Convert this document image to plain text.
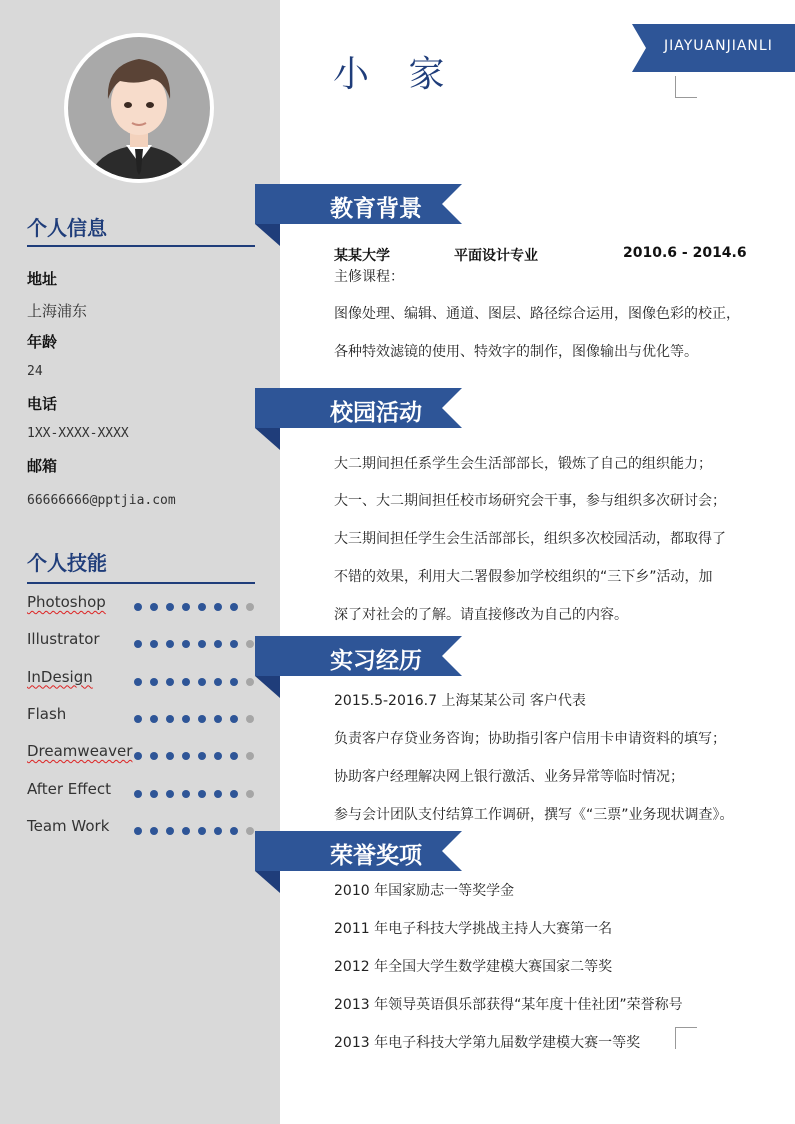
个人信息
地址
上海浦东
年龄
24
电话
1XX-XXXX-XXXX
邮箱
66666666@pptjia.com
个人技能
Photoshop
Illustrator
InDesign
Flash
Dreamweaver
After Effect
Team Work
小 家
JIAYUANJIANLI
教育背景
校园活动
实习经历
荣誉奖项
某某大学	平面设计专业	2010.6 - 2014.6
主修课程：
图像处理、编辑、通道、图层、路径综合运用，图像色彩的校正，
各种特效滤镜的使用、特效字的制作，图像输出与优化等。
大二期间担任系学生会生活部部长，锻炼了自己的组织能力；
大一、大二期间担任校市场研究会干事，参与组织多次研讨会；
大三期间担任学生会生活部部长，组织多次校园活动，都取得了
不错的效果，利用大二署假参加学校组织的“三下乡”活动，加
深了对社会的了解。请直接修改为自己的内容。
2015.5-2016.7 上海某某公司 客户代表
负责客户存贷业务咨询；协助指引客户信用卡申请资料的填写；
协助客户经理解决网上银行激活、业务异常等临时情况；
参与会计团队支付结算工作调研，撰写《“三票”业务现状调查》。
2010 年国家励志一等奖学金
2011 年电子科技大学挑战主持人大赛第一名
2012 年全国大学生数学建模大赛国家二等奖
2013 年领导英语俱乐部获得“某年度十佳社团”荣誉称号
2013 年电子科技大学第九届数学建模大赛一等奖
